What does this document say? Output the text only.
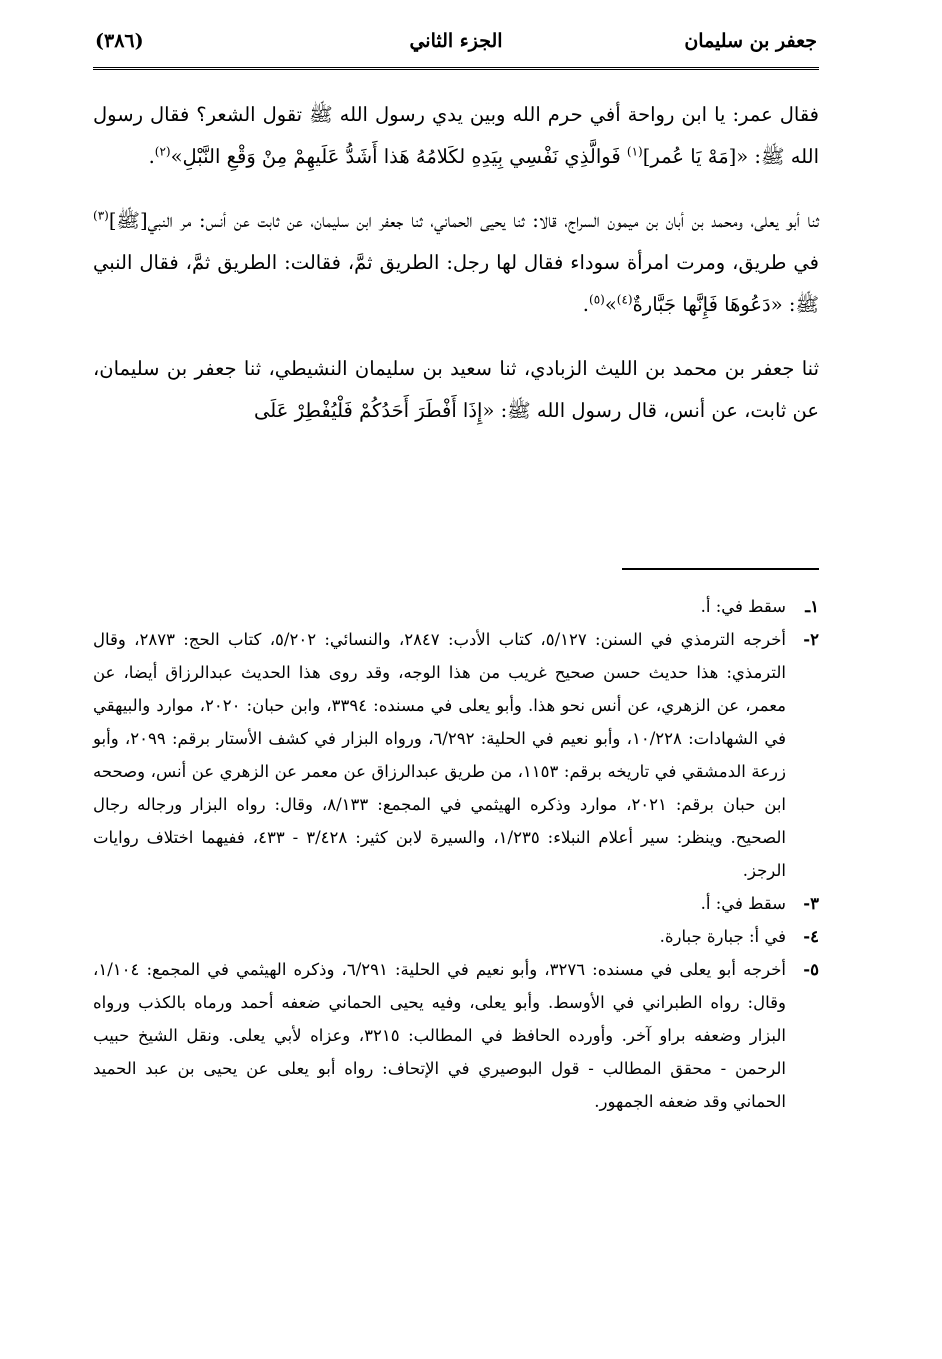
(٣٨٦)	الجزء الثاني	جعفر بن سليمان

فقال عمر: يا ابن رواحة أفي حرم الله وبين يدي رسول الله ﷺ تقول الشعر؟ فقال رسول الله ﷺ: «[مَهْ يَا عُمر]$^{(١)}$ فَوالَّذِي نَفْسِي بِيَدِهِ لكَلامُهُ هَذا أَشَدُّ عَلَيهِمْ مِنْ وَقْعِ النَّبْلِ»$^{(٢)}$.

ثنا أبو يعلى، ومحمد بن أبان بن ميمون السراج، قالا: ثنا يحيى الحماني، ثنا جعفر ابن سليمان، عن ثابت عن أنس: مر النبي[ﷺ]$^{(٣)}$ في طريق، ومرت امرأة سوداء فقال لها رجل: الطريق ثمَّ، فقالت: الطريق ثمَّ، فقال النبي ﷺ: «دَعُوهَا فَإِنَّها جَبَّارةٌ$^{(٤)}$»$^{(٥)}$.

ثنا جعفر بن محمد بن الليث الزبادي، ثنا سعيد بن سليمان النشيطي، ثنا جعفر بن سليمان، عن ثابت، عن أنس، قال رسول الله ﷺ: «إِذَا أَفْطَرَ أَحَدُكُمْ فَلْيُفْطِرْ عَلَى

١ـ
سقط في: أ.
٢-
أخرجه الترمذي في السنن: ٥/١٢٧، كتاب الأدب: ٢٨٤٧، والنسائي: ٥/٢٠٢، كتاب الحج: ٢٨٧٣، وقال الترمذي: هذا حديث حسن صحيح غريب من هذا الوجه، وقد روى هذا الحديث عبدالرزاق أيضا، عن معمر، عن الزهري، عن أنس نحو هذا. وأبو يعلى في مسنده: ٣٣٩٤، وابن حبان: ٢٠٢٠، موارد والبيهقي في الشهادات: ١٠/٢٢٨، وأبو نعيم في الحلية: ٦/٢٩٢، ورواه البزار في كشف الأستار برقم: ٢٠٩٩، وأبو زرعة الدمشقي في تاريخه برقم: ١١٥٣، من طريق عبدالرزاق عن معمر عن الزهري عن أنس، وصححه ابن حبان برقم: ٢٠٢١، موارد وذكره الهيثمي في المجمع: ٨/١٣٣، وقال: رواه البزار ورجاله رجال الصحيح. وينظر: سير أعلام النبلاء: ١/٢٣٥، والسيرة لابن كثير: ٣/٤٢٨ - ٤٣٣، ففيهما اختلاف روايات الرجز.
٣-
سقط في: أ.
٤-
في أ: جبارة جبارة.
٥-
أخرجه أبو يعلى في مسنده: ٣٢٧٦، وأبو نعيم في الحلية: ٦/٢٩١، وذكره الهيثمي في المجمع: ١/١٠٤، وقال: رواه الطبراني في الأوسط. وأبو يعلى، وفيه يحيى الحماني ضعفه أحمد ورماه بالكذب ورواه البزار وضعفه براو آخر. وأورده الحافظ في المطالب: ٣٢١٥، وعزاه لأبي يعلى. ونقل الشيخ حبيب الرحمن - محقق المطالب - قول البوصيري في الإتحاف: رواه أبو يعلى عن يحيى بن عبد الحميد الحماني وقد ضعفه الجمهور.
